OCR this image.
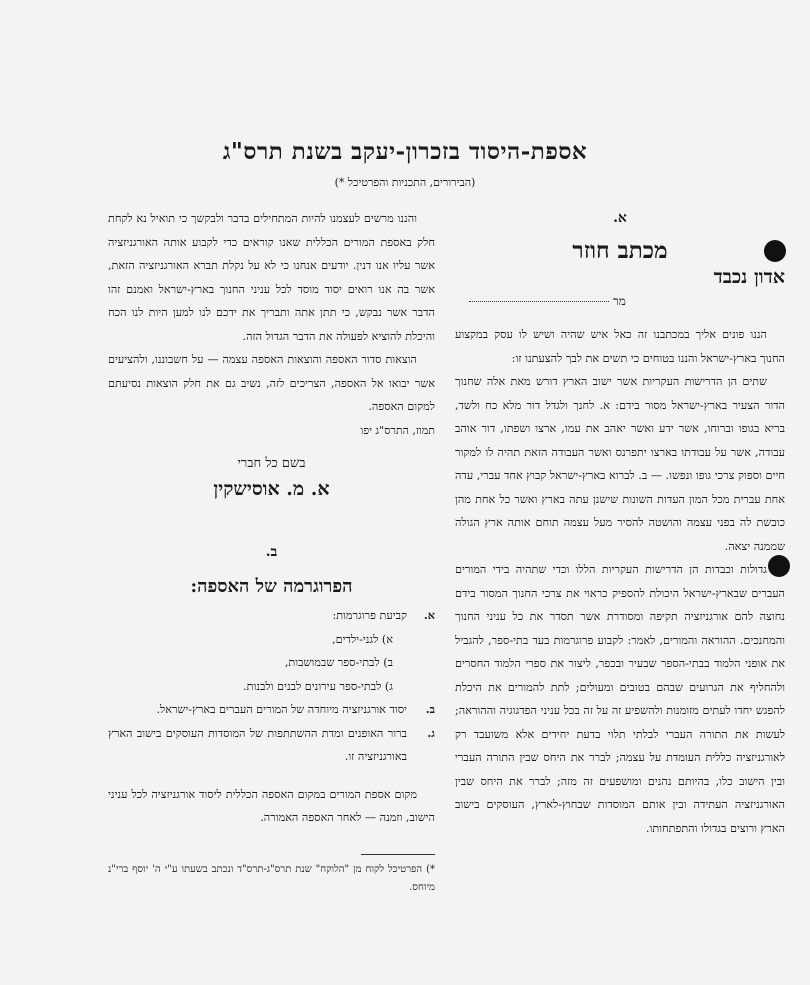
אספת-היסוד בזכרון-יעקב בשנת תרס"ג
(הבירורים, התכניות והפרטיכל *)
א.
מכתב חוזר
אדון נכבד
מר

הננו פונים אליך במכתבנו זה כאל איש שהיה ושיש לו עסק במקצוע החנוך בארץ-ישראל והננו בטוחים כי תשים את לבך להצעתנו זו:

שתים הן הדרישות העקריות אשר ישוב הארץ דורש מאת אלה שחנוך הדור הצעיר בארץ-ישראל מסור בידם: א. לחנך ולגדל דור מלא כח ולשד, בריא בגופו וברוחו, אשר ידע ואשר יאהב את עמו, ארצו ושפתו, דור אוהב עבודה, אשר על עבודתו בארצו יתפרנס ואשר העבודה הזאת תהיה לו למקור חיים וספוק צרכי גופו ונפשו. — ב. לברוא בארץ-ישראל קבוץ אחד עברי, עדה אחת עברית מכל המון העדות השונות שישנן עתה בארץ ואשר כל אחת מהן כובשת לה בפני עצמה והושטה להסיר מעל עצמה תוחם אותה ארץ הגולה שממנה יצאה.

גדולות וכבדות הן הדרישות העקריות הללו וכדי שתהיה בידי המורים העברים שבארץ-ישראל היכולת להספיק כראוי את צרכי החנוך המסור בידם נחוצה להם אורגניזציה תקיפה ומסודרת אשר תסדר את כל עניני החנוך והמחנכים. ההוראה והמורים, לאמר: לקבוע פרוגרמות בעד בתי-ספר, להגביל את אופני הלמוד בבתי-הספר שבעיר ובכפר, ליצור את ספרי הלמוד החסרים ולהחליף את הגרועים שבהם בטובים ומעולים; לתת להמורים את היכלת להפגש יחדו לעתים מזומנות ולהשפיע זה על זה בכל עניני הפדגוגיה וההוראה; לעשות את התורה העברי לבלתי תלוי בדעת יחידים אלא משועבד רק לאורגניזציה כללית העומדת על עצמה; לברר את היחס שבין התורה העברי ובין הישוב כלו, בהיותם נהנים ומושפעים זה מזה; לברר את היחס שבין האורגניזציה העתידה ובין אותם המוסדות שבחוץ-לארץ, העוסקים בישוב הארץ ורוצים בגדולו והתפתחותו.

והננו מרשים לעצמנו להיות המתחילים בדבר ולבקשך כי תואיל נא לקחת חלק באספת המורים הכללית שאנו קוראים כדי לקבוע אותה האורגניזציה אשר עליו אנו דנין. יודעים אנחנו כי לא על נקלת תברא האורגניזציה הזאת, אשר בה אנו רואים יסוד מוסד לכל עניני החנוך בארץ-ישראל ואמנם זהו הדבר אשר נבקש, כי תתן אתה ותבריך את ידכם לנו למען היות לנו הכח והיכלת להוציא לפעולה את הדבר הגדול הזה.

הוצאות סדור האספה והוצאות האספה עצמה — על חשבוננו, ולהציעים אשר יבואו אל האספה, הצריכים לזה, נשיב גם את חלק הוצאות נסיעתם למקום האספה.

תמוז, התרס"ג יפו
בשם כל חברי
א. מ. אוסישקין
ב.
הפרוגרמה של האספה:
א.
קביעת פרוגרמות:
א) לגני-ילדים,
ב) לבתי-ספר שבמושבות,
ג) לבתי-ספר עירונים לבנים ולבנות.
ב.
יסוד אורגניזציה מיוחדה של המורים העברים בארץ-ישראל.
ג.
ברור האופנים ומדת ההשתתפות של המוסדות העוסקים בישוב הארץ באורגניזציה זו.

מקום אספת המורים במקום האספה הכללית ליסוד אורגניזציה לכל עניני הישוב, וזמנה — לאחר האספה האמורה.

*) הפרטיכל לקוח מן "הלוקח" שנת תרס"ג-תרס"ד ונכתב בשעתו ע"י ה' יוסף ברי"נ מיוחס.
